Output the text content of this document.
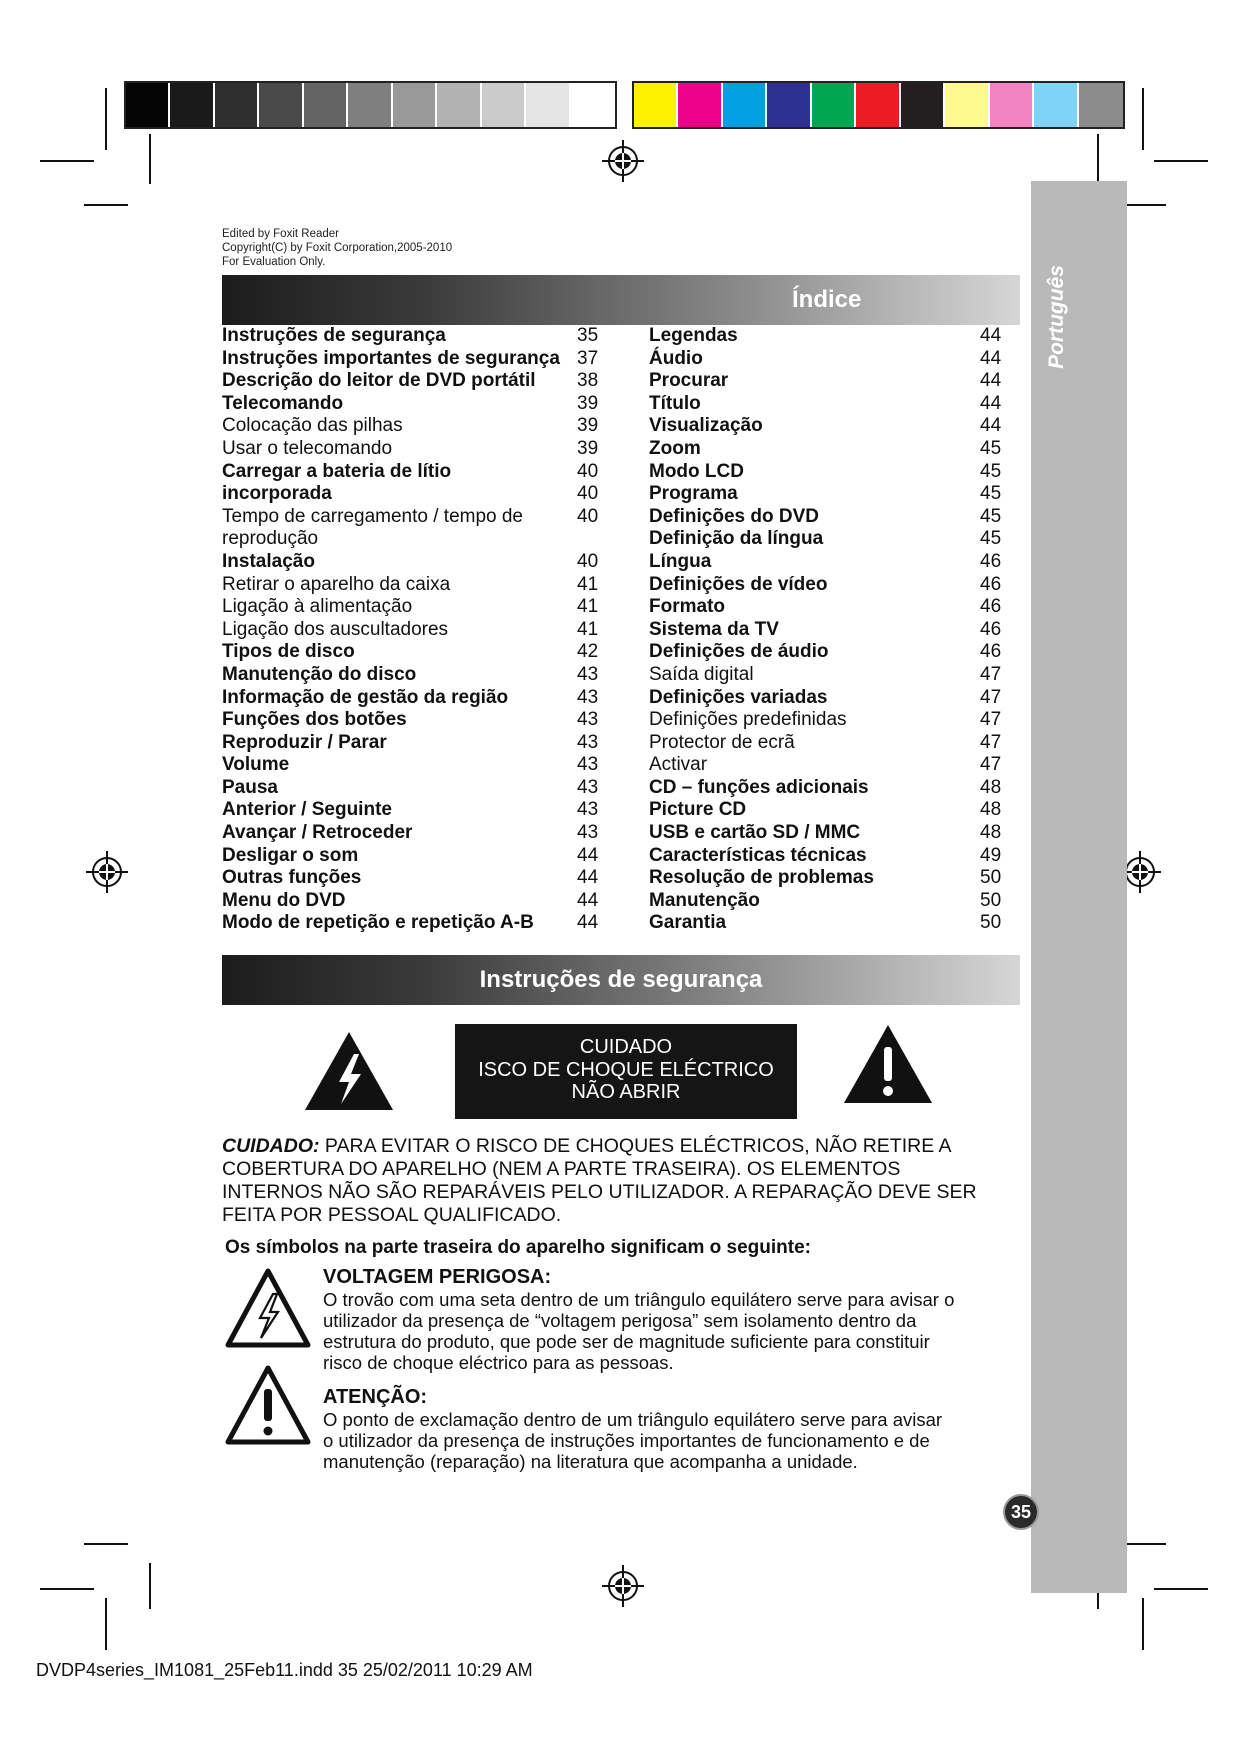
Português
Edited by Foxit Reader
Copyright(C) by Foxit Corporation,2005-2010
For Evaluation Only.
Índice
Instruções de segurança	35
Instruções importantes de segurança 37
Descrição do leitor de DVD portátil 38
Telecomando	39
Colocação das pilhas	39
Usar o telecomando	39
Carregar a bateria de lítio	40
incorporada	40
Tempo de carregamento / tempo de	40
reprodução
Instalação	40
Retirar o aparelho da caixa	41
Ligação à alimentação	41
Ligação dos auscultadores	41
Tipos de disco	42
Manutenção do disco	43
Informação de gestão da região	43
Funções dos botões	43
Reproduzir / Parar	43
Volume	43
Pausa	43
Anterior / Seguinte	43
Avançar / Retroceder	43
Desligar o som	44
Outras funções	44
Menu do DVD	44
Modo de repetição e repetição A-B 44
Legendas	44
Áudio	44
Procurar	44
Título	44
Visualização	44
Zoom	45
Modo LCD	45
Programa	45
Definições do DVD	45
Definição da língua	45
Língua	46
Definições de vídeo	46
Formato	46
Sistema da TV	46
Definições de áudio	46
Saída digital	47
Definições variadas	47
Definições predefinidas	47
Protector de ecrã	47
Activar	47
CD – funções adicionais	48
Picture CD	48
USB e cartão SD / MMC	48
Características técnicas	49
Resolução de problemas	50
Manutenção	50
Garantia	50
Instruções de segurança
CUIDADO
ISCO DE CHOQUE ELÉCTRICO
NÃO ABRIR
CUIDADO: PARA EVITAR O RISCO DE CHOQUES ELÉCTRICOS, NÃO RETIRE A
COBERTURA DO APARELHO (NEM A PARTE TRASEIRA). OS ELEMENTOS
INTERNOS NÃO SÃO REPARÁVEIS PELO UTILIZADOR. A REPARAÇÃO DEVE SER
FEITA POR PESSOAL QUALIFICADO.
Os símbolos na parte traseira do aparelho significam o seguinte:
VOLTAGEM PERIGOSA:
O trovão com uma seta dentro de um triângulo equilátero serve para avisar o
utilizador da presença de “voltagem perigosa” sem isolamento dentro da
estrutura do produto, que pode ser de magnitude suficiente para constituir
risco de choque eléctrico para as pessoas.
ATENÇÃO:
O ponto de exclamação dentro de um triângulo equilátero serve para avisar
o utilizador da presença de instruções importantes de funcionamento e de
manutenção (reparação) na literatura que acompanha a unidade.
35
DVDP4series_IM1081_25Feb11.indd 35 25/02/2011 10:29 AM
